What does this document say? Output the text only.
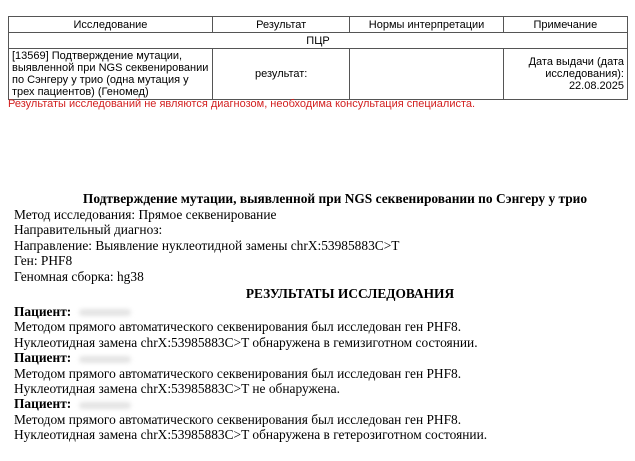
Исследование	Результат	Нормы интерпретации	Примечание
ПЦР			
[13569] Подтверждение мутации, выявленной при NGS секвенировании по Сэнгеру у трио (одна мутация у трех пациентов) (Геномед)	результат:		Дата выдачи (дата исследования): 22.08.2025
Результаты исследований не являются диагнозом, необходима консультация специалиста.
Подтверждение мутации, выявленной при NGS секвенировании по Сэнгеру у трио
Метод исследования: Прямое секвенирование
Направительный диагноз:
Направление: Выявление нуклеотидной замены chrX:53985883C>T
Ген: PHF8
Геномная сборка: hg38
РЕЗУЛЬТАТЫ ИССЛЕДОВАНИЯ
Пациент:
Методом прямого автоматического секвенирования был исследован ген PHF8.
Нуклеотидная замена chrX:53985883C>T обнаружена в гемизиготном состоянии.
Пациент:
Методом прямого автоматического секвенирования был исследован ген PHF8.
Нуклеотидная замена chrX:53985883C>T не обнаружена.
Пациент:
Методом прямого автоматического секвенирования был исследован ген PHF8.
Нуклеотидная замена chrX:53985883C>T обнаружена в гетерозиготном состоянии.
